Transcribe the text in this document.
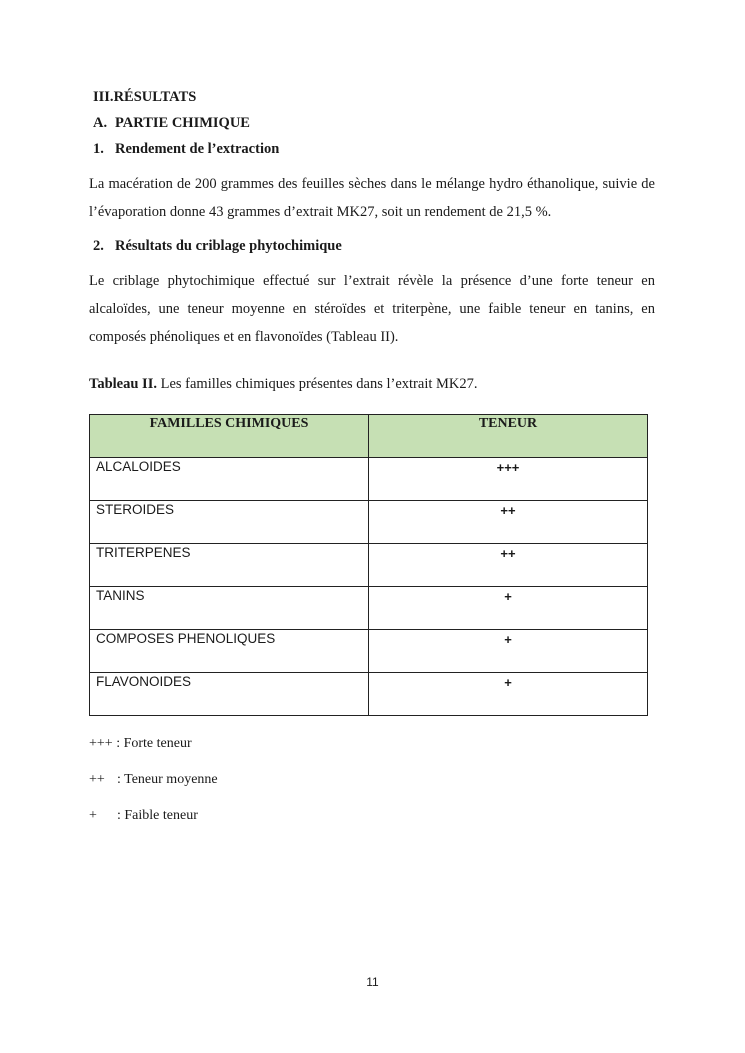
III.RÉSULTATS
A. PARTIE CHIMIQUE
1. Rendement de l’extraction
La macération de 200 grammes des feuilles sèches dans le mélange hydro éthanolique, suivie de l’évaporation donne 43 grammes d’extrait MK27, soit un rendement de 21,5 %.
2. Résultats du criblage phytochimique
Le criblage phytochimique effectué sur l’extrait révèle la présence d’une forte teneur en alcaloïdes, une teneur moyenne en stéroïdes et triterpène, une faible teneur en tanins, en composés phénoliques et en flavonoïdes (Tableau II).
Tableau II. Les familles chimiques présentes dans l’extrait MK27.
FAMILLES CHIMIQUES	TENEUR
ALCALOIDES	+++
STEROIDES	++
TRITERPENES	++
TANINS	+
COMPOSES PHENOLIQUES	+
FLAVONOIDES	+
+++ : Forte teneur
++ : Teneur moyenne
+ : Faible teneur
11
